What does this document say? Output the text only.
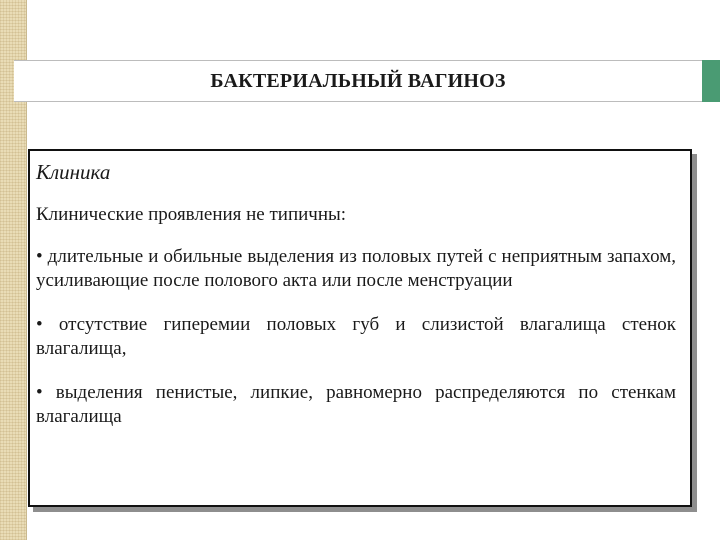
БАКТЕРИАЛЬНЫЙ ВАГИНОЗ
Клиника
Клинические проявления не типичны:
• длительные и обильные выделения из половых путей с неприятным запахом, усиливающие после полового акта или после менструации
• отсутствие гиперемии половых губ и слизистой влагалища стенок влагалища,
• выделения пенистые, липкие, равномерно распределяются по стенкам влагалища
